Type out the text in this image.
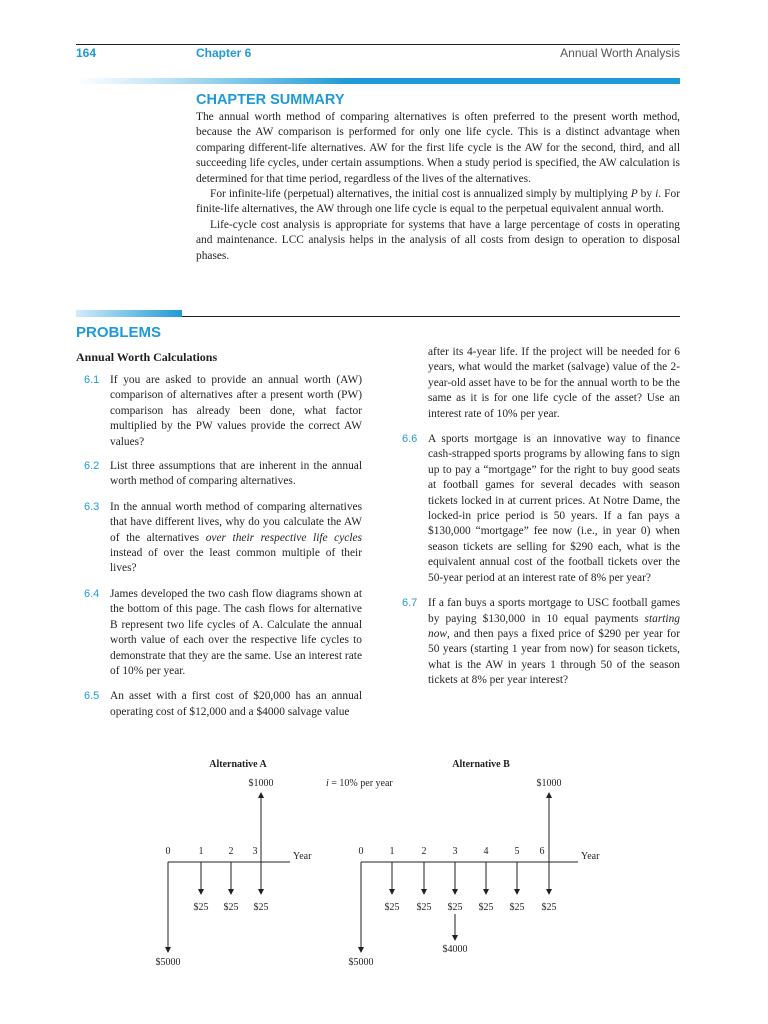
164	Chapter 6	Annual Worth Analysis
CHAPTER SUMMARY

The annual worth method of comparing alternatives is often preferred to the present worth method, because the AW comparison is performed for only one life cycle. This is a distinct advantage when comparing different-life alternatives. AW for the first life cycle is the AW for the second, third, and all succeeding life cycles, under certain assumptions. When a study period is specified, the AW calculation is determined for that time period, regardless of the lives of the alternatives.

For infinite-life (perpetual) alternatives, the initial cost is annualized simply by multiplying P by i. For finite-life alternatives, the AW through one life cycle is equal to the perpetual equivalent annual worth.

Life-cycle cost analysis is appropriate for systems that have a large percentage of costs in operating and maintenance. LCC analysis helps in the analysis of all costs from design to operation to disposal phases.

PROBLEMS
Annual Worth Calculations
6.1 If you are asked to provide an annual worth (AW) comparison of alternatives after a present worth (PW) comparison has already been done, what factor multiplied by the PW values provide the correct AW values?
6.2 List three assumptions that are inherent in the annual worth method of comparing alternatives.
6.3 In the annual worth method of comparing alternatives that have different lives, why do you calculate the AW of the alternatives over their respective life cycles instead of over the least common multiple of their lives?
6.4 James developed the two cash flow diagrams shown at the bottom of this page. The cash flows for alternative B represent two life cycles of A. Calculate the annual worth value of each over the respective life cycles to demonstrate that they are the same. Use an interest rate of 10% per year.
6.5 An asset with a first cost of $20,000 has an annual operating cost of $12,000 and a $4000 salvage value
after its 4-year life. If the project will be needed for 6 years, what would the market (salvage) value of the 2-year-old asset have to be for the annual worth to be the same as it is for one life cycle of the asset? Use an interest rate of 10% per year.
6.6 A sports mortgage is an innovative way to finance cash-strapped sports programs by allowing fans to sign up to pay a “mortgage” for the right to buy good seats at football games for several decades with season tickets locked in at current prices. At Notre Dame, the locked-in price period is 50 years. If a fan pays a $130,000 “mortgage” fee now (i.e., in year 0) when season tickets are selling for $290 each, what is the equivalent annual cost of the football tickets over the 50-year period at an interest rate of 8% per year?
6.7 If a fan buys a sports mortgage to USC football games by paying $130,000 in 10 equal payments starting now, and then pays a fixed price of $290 per year for 50 years (starting 1 year from now) for season tickets, what is the AW in years 1 through 50 of the season tickets at 8% per year interest?
Alternative A
0	1	2 3	Year
$5000
$25 $25 $25
$1000	i = 10% per year
Alternative B
0	1	2	3	4	5 6	Year
$5000
$25 $25 $25 $25 $25 $25
$4000
$1000
